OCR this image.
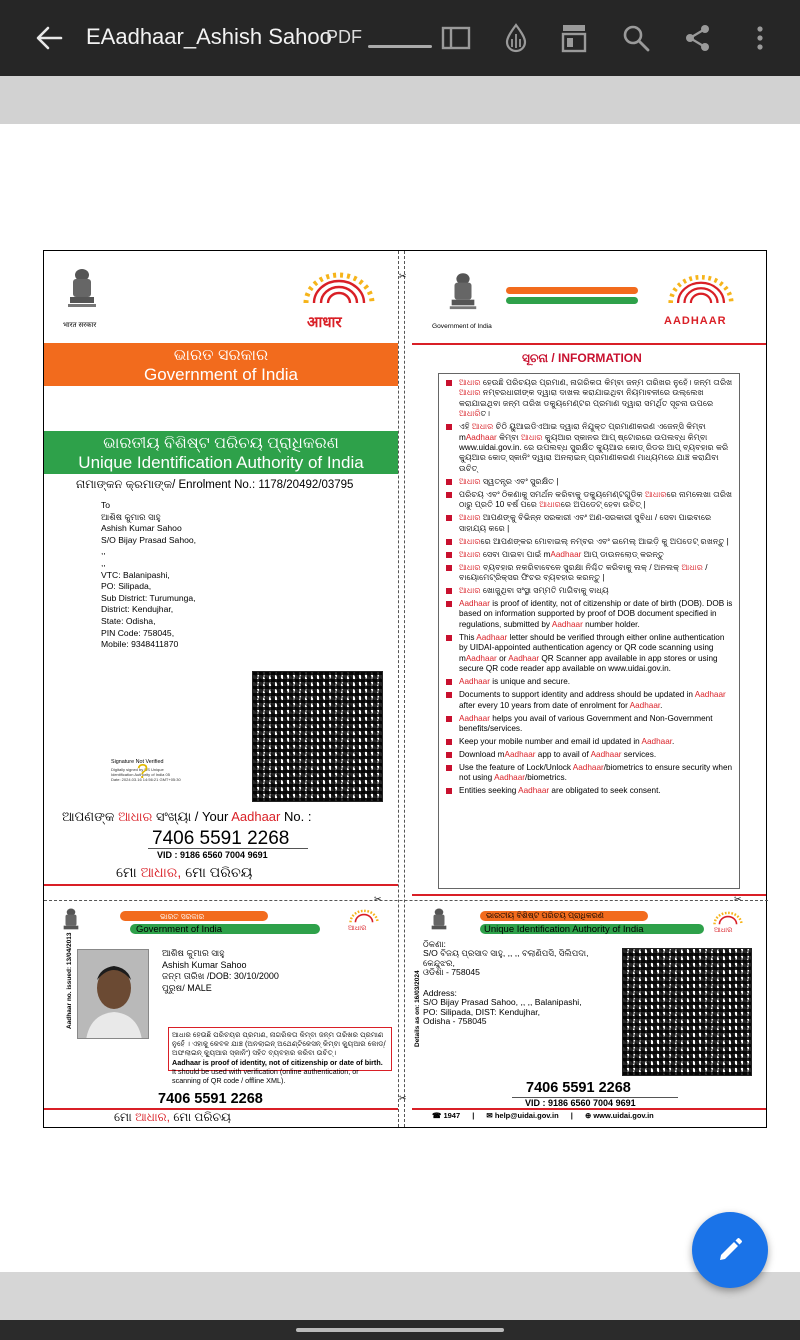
EAadhaar_Ashish Sahoo
PDF
✂
✂
भारत सरकार	आधार
ଭାରତ ସରକାର
Government of India
ଭାରତୀୟ ବିଶିଷ୍ଟ ପରିଚୟ ପ୍ରାଧିକରଣ
Unique Identification Authority of India
ନାମାଙ୍କନ କ୍ରମାଙ୍କ/ Enrolment No.: 1178/20492/03795
To
ଆଶିଷ କୁମାର ସାହୁ
Ashish Kumar Sahoo
S/O Bijay Prasad Sahoo,
,,
,,
VTC: Balanipashi,
PO: Silipada,
Sub District: Turumunga,
District: Kendujhar,
State: Odisha,
PIN Code: 758045,
Mobile: 9348411870
Signature Not Verified
Digitally signed by DS Unique Identification Authority of India 05
Date: 2024.03.16 14:56:21 GMT+05:30
?
ଆପଣଙ୍କ ଆଧାର ସଂଖ୍ୟା / Your Aadhaar No. :
7406 5591 2268
VID : 9186 6560 7004 9691
ମୋ ଆଧାର, ମୋ ପରିଚୟ
Government of India	AADHAAR
ସୂଚନା / INFORMATION
ଆଧାର ହେଉଛି ପରିଚୟର ପ୍ରମାଣ, ନାଗରିକତା କିମ୍ବା ଜନ୍ମ ତାରିଖର ନୁହେଁ। ଜନ୍ମ ତାରିଖ ଆଧାର ନମ୍ବରଧାରୀଙ୍କ ଦ୍ୱାରା ଦାଖଲ କରାଯାଇଥିବା ନିୟମାବଳୀରେ ଉଲ୍ଲେଖ କରାଯାଇଥିବା ଜନ୍ମ ତାରିଖ ଡକ୍ୟୁମେଣ୍ଟର ପ୍ରମାଣ ଦ୍ୱାରା ସମର୍ଥିତ ସୂଚନା ଉପରେ ଆଧାରିତ।
ଏହି ଆଧାର ଚିଠି ୟୁଆଇଡିଏଆଇ ଦ୍ୱାରା ନିଯୁକ୍ତ ପ୍ରମାଣୀକରଣ ଏଜେନ୍ସି କିମ୍ବା mAadhaar କିମ୍ବା ଆଧାର କ୍ୟୁଆର ସ୍କାନର ଆପ୍ ଷ୍ଟୋରରେ ଉପଲବ୍ଧ କିମ୍ବା www.uidai.gov.in. ରେ ଉପଲବ୍ଧ ସୁରକ୍ଷିତ କ୍ୟୁଆର କୋଡ୍ ରିଡର ଆପ୍ ବ୍ୟବହାର କରି କ୍ୟୁଆର କୋଡ୍ ସ୍କାନିଂ ଦ୍ୱାରା ଅନଲାଇନ୍ ପ୍ରମାଣୀକରଣ ମାଧ୍ୟମରେ ଯାଞ୍ଚ କରାଯିବା ଉଚିତ୍
ଆଧାର ସ୍ୱତନ୍ତ୍ର ଏବଂ ସୁରକ୍ଷିତ |
ପରିଚୟ ଏବଂ ଠିକଣାକୁ ସମର୍ଥନ କରିବାକୁ ଡକ୍ୟୁମେଣ୍ଟଗୁଡିକ ଆଧାରରେ ନାମଲେଖା ତାରିଖ ଠାରୁ ପ୍ରତି 10 ବର୍ଷ ପରେ ଆଧାରରେ ଅପଡେଟ୍ ହେବା ଉଚିତ୍ |
ଆଧାର ଆପଣଙ୍କୁ ବିଭିନ୍ନ ସରକାରୀ ଏବଂ ଅଣ-ସରକାରୀ ସୁବିଧା / ସେବା ପାଇବାରେ ସାହାଯ୍ୟ କରେ |
ଆଧାରରେ ଆପଣଙ୍କର ମୋବାଇଲ୍ ନମ୍ବର ଏବଂ ଇମେଲ୍ ଆଇଡ଼ି କୁ ଅପଡେଟ୍ ରଖନ୍ତୁ |
ଆଧାର ସେବା ପାଇବା ପାଇଁ mAadhaar ଆପ୍ ଡାଉନଲୋଡ୍ କରନ୍ତୁ
ଆଧାର ବ୍ୟବହାର ନକରିବାବେଳେ ସୁରକ୍ଷା ନିଶ୍ଚିତ କରିବାକୁ ଲକ୍ / ଅନଲକ୍ ଆଧାର / ବାୟୋମେଟ୍ରିକ୍ସର ଫିଚର ବ୍ୟବହାର କରନ୍ତୁ |
ଆଧାର ଖୋଜୁଥିବା ସଂସ୍ଥା ସମ୍ମତି ମାଗିବାକୁ ବାଧ୍ୟ
Aadhaar is proof of identity, not of citizenship or date of birth (DOB). DOB is based on information supported by proof of DOB document specified in regulations, submitted by Aadhaar number holder.
This Aadhaar letter should be verified through either online authentication by UIDAI-appointed authentication agency or QR code scanning using mAadhaar or Aadhaar QR Scanner app available in app stores or using secure QR code reader app available on www.uidai.gov.in.
Aadhaar is unique and secure.
Documents to support identity and address should be updated in Aadhaar after every 10 years from date of enrolment for Aadhaar.
Aadhaar helps you avail of various Government and Non-Government benefits/services.
Keep your mobile number and email id updated in Aadhaar.
Download mAadhaar app to avail of Aadhaar services.
Use the feature of Lock/Unlock Aadhaar/biometrics to ensure security when not using Aadhaar/biometrics.
Entities seeking Aadhaar are obligated to seek consent.
✂	✂
ଭାରତ ସରକାର
Government of India	ଆଧାର
Aadhaar no. issued: 13/04/2013	ଆଶିଷ କୁମାର ସାହୁ
Ashish Kumar Sahoo
ଜନ୍ମ ତାରିଖ /DOB: 30/10/2000
ପୁରୁଷ/ MALE
ଆଧାର ହେଉଛି ପରିଚୟର ପ୍ରମାଣ, ନାଗରିକତା କିମ୍ବା ଜନ୍ମ ତାରିଖର ପ୍ରମାଣ ନୁହେଁ । ଏହାକୁ କେବଳ ଯାଞ୍ଚ (ଅନଲାଇନ୍ ଅଥେଣ୍ଟିକେସନ୍ କିମ୍ବା କ୍ୟୁଆର କୋଡ୍/ଅଫଲାଇନ୍ କ୍ୟୁଆର ସ୍କାନିଂ) ସହିତ ବ୍ୟବହାର କରିବା ଉଚିତ୍।
Aadhaar is proof of identity, not of citizenship or date of birth. It should be used with verification (online authentication, or scanning of QR code / offline XML).
7406 5591 2268
ମୋ ଆଧାର, ମୋ ପରିଚୟ
ଭାରତୀୟ ବିଶିଷ୍ଟ ପରିଚୟ ପ୍ରାଧିକରଣ
Unique Identification Authority of India	ଆଧାର
Details as on: 16/03/2024
ଠିକଣା:
S/O ବିଜୟ ପ୍ରସାଦ ସାହୁ, ,, ,, ବଲାଣିପସି, ସିଲିପଦା,
କେନ୍ଦୁଝର,
ଓଡିଶା - 758045
Address:
S/O Bijay Prasad Sahoo, ,, ,, Balanipashi,
PO: Silipada, DIST: Kendujhar,
Odisha - 758045
7406 5591 2268
VID : 9186 6560 7004 9691
☎ 1947 | ✉ help@uidai.gov.in | ⊕ www.uidai.gov.in
